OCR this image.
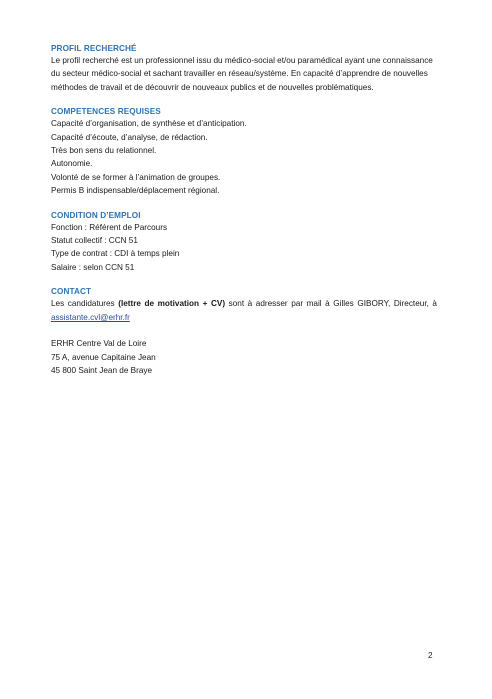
PROFIL RECHERCHÉ
Le profil recherché est un professionnel issu du médico-social et/ou paramédical ayant une connaissance
du secteur médico-social et sachant travailler en réseau/système. En capacité d’apprendre de nouvelles
méthodes de travail et de découvrir de nouveaux publics et de nouvelles problématiques.
COMPETENCES REQUISES
Capacité d’organisation, de synthèse et d’anticipation.
Capacité d’écoute, d’analyse, de rédaction.
Très bon sens du relationnel.
Autonomie.
Volonté de se former à l’animation de groupes.
Permis B indispensable/déplacement régional.
CONDITION D’EMPLOI
Fonction : Référent de Parcours
Statut collectif : CCN 51
Type de contrat : CDI à temps plein
Salaire : selon CCN 51
CONTACT
Les candidatures (lettre de motivation + CV) sont à adresser par mail à Gilles GIBORY, Directeur, à
assistante.cvl@erhr.fr
ERHR Centre Val de Loire
75 A, avenue Capitaine Jean
45 800 Saint Jean de Braye
2
